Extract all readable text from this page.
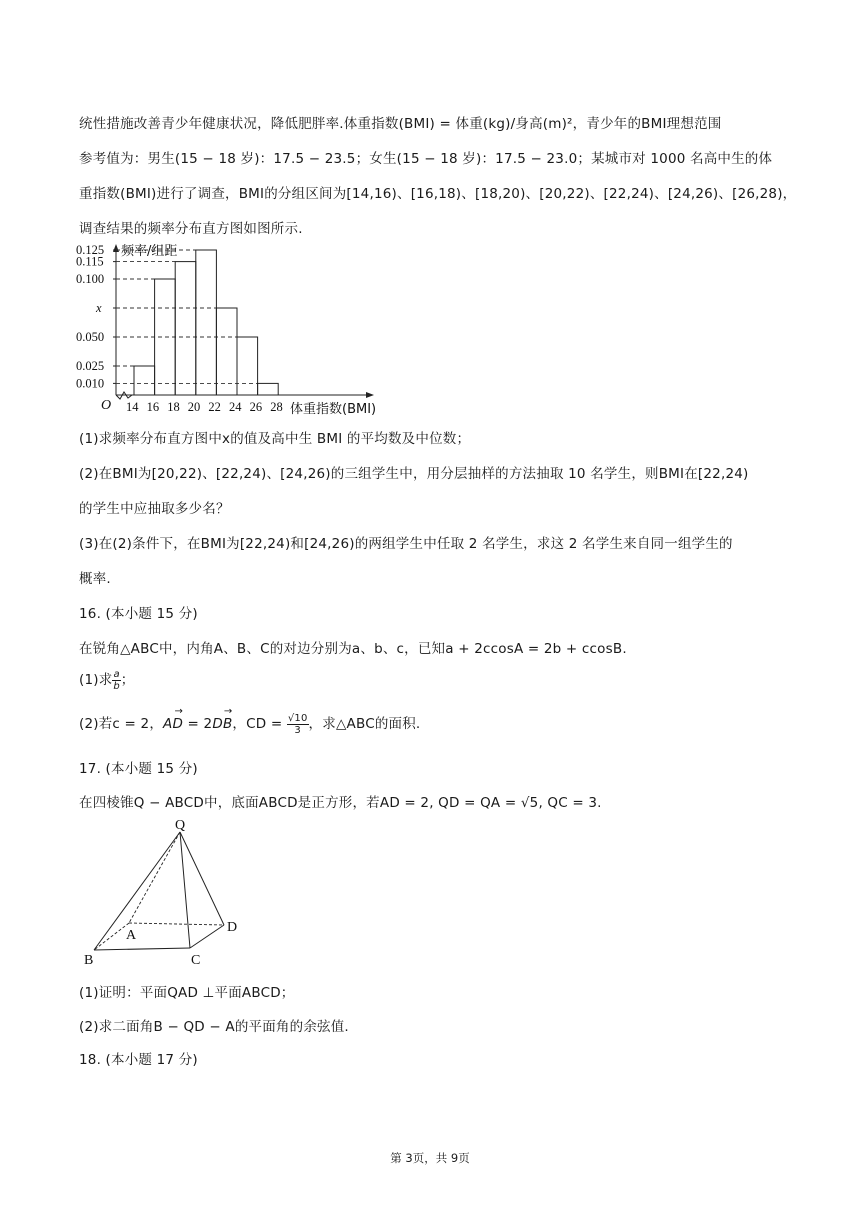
统性措施改善青少年健康状况，降低肥胖率.体重指数(BMI) = 体重(kg)/身高(m)²，青少年的BMI理想范围
参考值为：男生(15 − 18 岁)：17.5 − 23.5；女生(15 − 18 岁)：17.5 − 23.0；某城市对 1000 名高中生的体
重指数(BMI)进行了调查，BMI的分组区间为[14,16)、[16,18)、[18,20)、[20,22)、[22,24)、[24,26)、[26,28)，
调查结果的频率分布直方图如图所示.
频率/组距
体重指数(BMI)
O
0.125
0.115
0.100
x
0.050
0.025
0.010
14 16 18 20 22 24 26 28
(1)求频率分布直方图中x的值及高中生 BMI 的平均数及中位数；
(2)在BMI为[20,22)、[22,24)、[24,26)的三组学生中，用分层抽样的方法抽取 10 名学生，则BMI在[22,24)
的学生中应抽取多少名？
(3)在(2)条件下，在BMI为[22,24)和[24,26)的两组学生中任取 2 名学生，求这 2 名学生来自同一组学生的
概率.
16. (本小题 15 分)
在锐角△ABC中，内角A、B、C的对边分别为a、b、c，已知a + 2ccosA = 2b + ccosB.
(1)求 $\frac{a}{b}$ ；
(2)若c = 2，
→
AD = 2
→
DB，CD = $\frac{√10}{3}$ ，求△ABC的面积.
17. (本小题 15 分)
在四棱锥Q − ABCD中，底面ABCD是正方形，若AD = 2, QD = QA = √5, QC = 3.
Q
A
B	C
D
(1)证明：平面QAD ⊥平面ABCD；
(2)求二面角B − QD − A的平面角的余弦值.
18. (本小题 17 分)
第 3页，共 9页
